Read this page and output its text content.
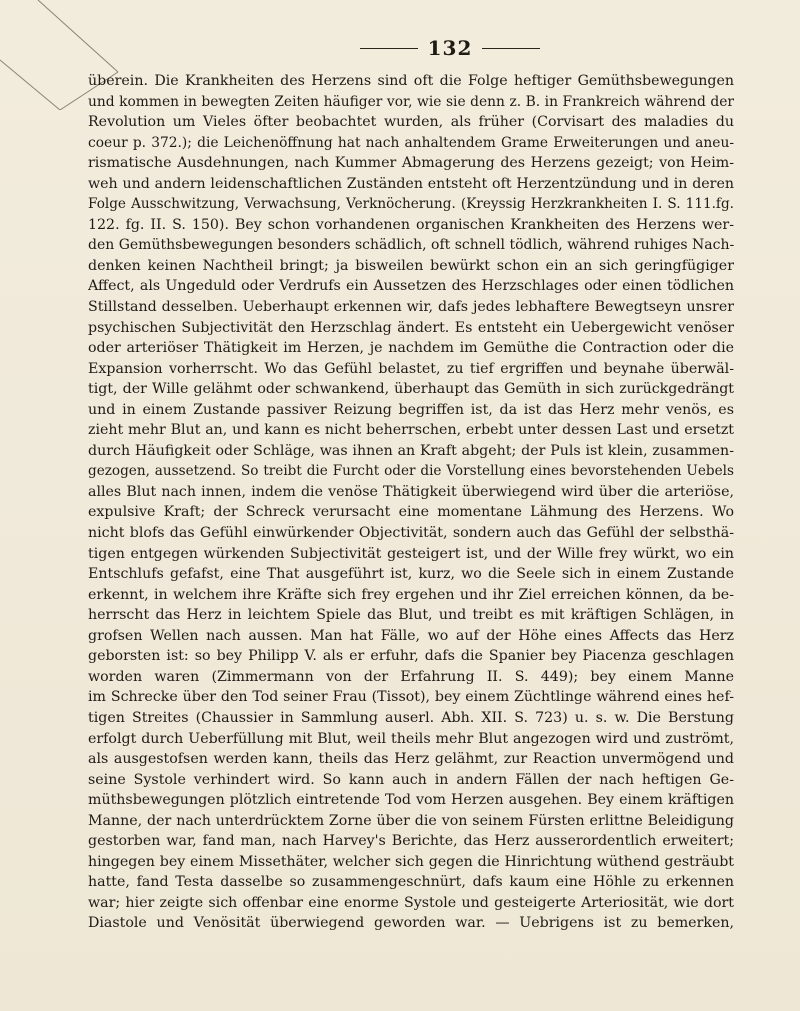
132
überein. Die Krankheiten des Herzens sind oft die Folge heftiger Gemüthsbewegungen
und kommen in bewegten Zeiten häufiger vor, wie sie denn z. B. in Frankreich während der
Revolution um Vieles öfter beobachtet wurden, als früher (Corvisart des maladies du
coeur p. 372.); die Leichenöffnung hat nach anhaltendem Grame Erweiterungen und aneu-
rismatische Ausdehnungen, nach Kummer Abmagerung des Herzens gezeigt; von Heim-
weh und andern leidenschaftlichen Zuständen entsteht oft Herzentzündung und in deren
Folge Ausschwitzung, Verwachsung, Verknöcherung. (Kreyssig Herzkrankheiten I. S. 111.fg.
122. fg. II. S. 150). Bey schon vorhandenen organischen Krankheiten des Herzens wer-
den Gemüthsbewegungen besonders schädlich, oft schnell tödlich, während ruhiges Nach-
denken keinen Nachtheil bringt; ja bisweilen bewürkt schon ein an sich geringfügiger
Affect, als Ungeduld oder Verdrufs ein Aussetzen des Herzschlages oder einen tödlichen
Stillstand desselben. Ueberhaupt erkennen wir, dafs jedes lebhaftere Bewegtseyn unsrer
psychischen Subjectivität den Herzschlag ändert. Es entsteht ein Uebergewicht venöser
oder arteriöser Thätigkeit im Herzen, je nachdem im Gemüthe die Contraction oder die
Expansion vorherrscht. Wo das Gefühl belastet, zu tief ergriffen und beynahe überwäl-
tigt, der Wille gelähmt oder schwankend, überhaupt das Gemüth in sich zurückgedrängt
und in einem Zustande passiver Reizung begriffen ist, da ist das Herz mehr venös, es
zieht mehr Blut an, und kann es nicht beherrschen, erbebt unter dessen Last und ersetzt
durch Häufigkeit oder Schläge, was ihnen an Kraft abgeht; der Puls ist klein, zusammen-
gezogen, aussetzend. So treibt die Furcht oder die Vorstellung eines bevorstehenden Uebels
alles Blut nach innen, indem die venöse Thätigkeit überwiegend wird über die arteriöse,
expulsive Kraft; der Schreck verursacht eine momentane Lähmung des Herzens. Wo
nicht blofs das Gefühl einwürkender Objectivität, sondern auch das Gefühl der selbsthä-
tigen entgegen würkenden Subjectivität gesteigert ist, und der Wille frey würkt, wo ein
Entschlufs gefafst, eine That ausgeführt ist, kurz, wo die Seele sich in einem Zustande
erkennt, in welchem ihre Kräfte sich frey ergehen und ihr Ziel erreichen können, da be-
herrscht das Herz in leichtem Spiele das Blut, und treibt es mit kräftigen Schlägen, in
grofsen Wellen nach aussen. Man hat Fälle, wo auf der Höhe eines Affects das Herz
geborsten ist: so bey Philipp V. als er erfuhr, dafs die Spanier bey Piacenza geschlagen
worden waren (Zimmermann von der Erfahrung II. S. 449); bey einem Manne
im Schrecke über den Tod seiner Frau (Tissot), bey einem Züchtlinge während eines hef-
tigen Streites (Chaussier in Sammlung auserl. Abh. XII. S. 723) u. s. w. Die Berstung
erfolgt durch Ueberfüllung mit Blut, weil theils mehr Blut angezogen wird und zuströmt,
als ausgestofsen werden kann, theils das Herz gelähmt, zur Reaction unvermögend und
seine Systole verhindert wird. So kann auch in andern Fällen der nach heftigen Ge-
müthsbewegungen plötzlich eintretende Tod vom Herzen ausgehen. Bey einem kräftigen
Manne, der nach unterdrücktem Zorne über die von seinem Fürsten erlittne Beleidigung
gestorben war, fand man, nach Harvey's Berichte, das Herz ausserordentlich erweitert;
hingegen bey einem Missethäter, welcher sich gegen die Hinrichtung wüthend gesträubt
hatte, fand Testa dasselbe so zusammengeschnürt, dafs kaum eine Höhle zu erkennen
war; hier zeigte sich offenbar eine enorme Systole und gesteigerte Arteriosität, wie dort
Diastole und Venösität überwiegend geworden war. — Uebrigens ist zu bemerken,
